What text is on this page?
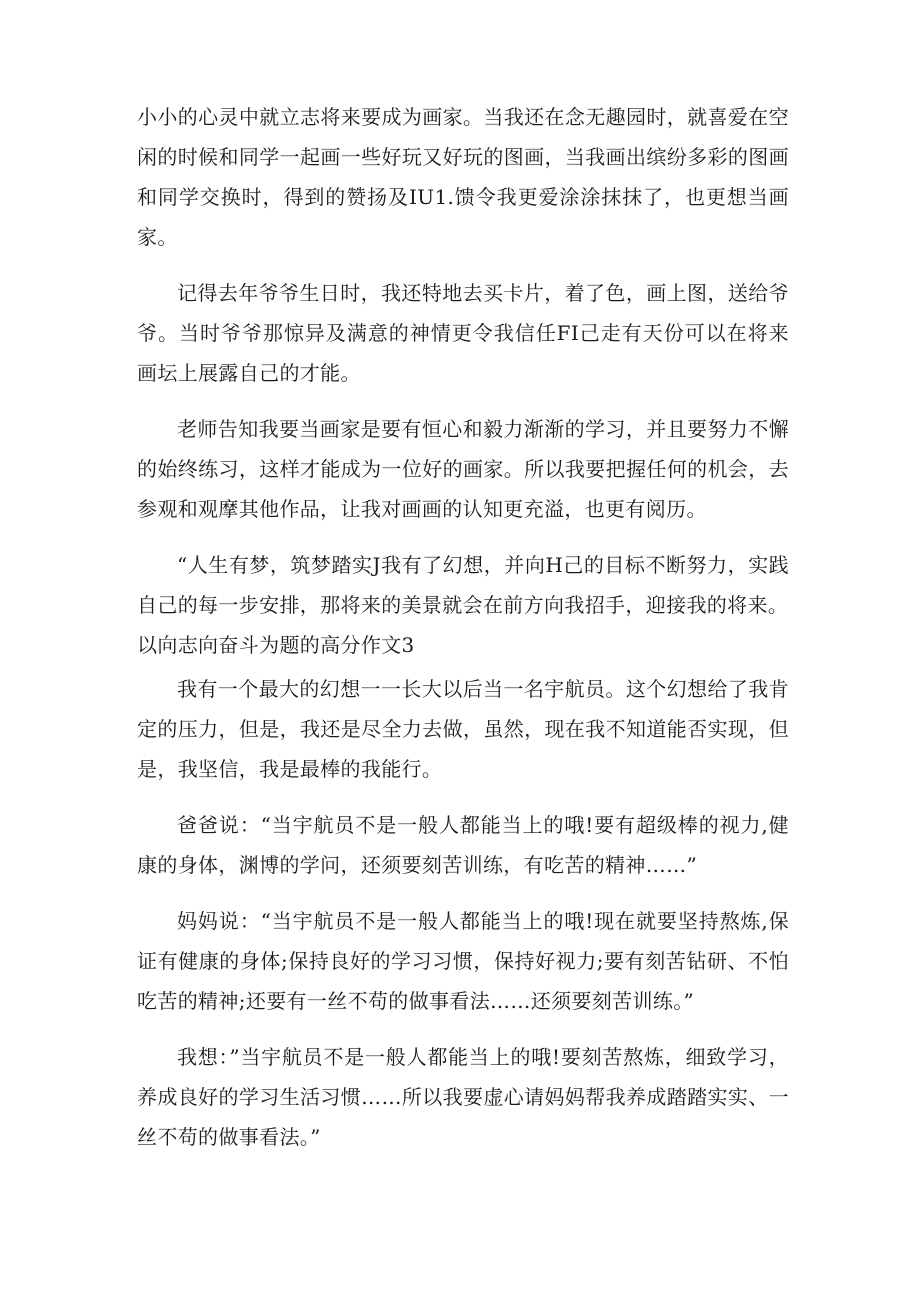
小小的心灵中就立志将来要成为画家。当我还在念无趣园时，就喜爱在空闲的时候和同学一起画一些好玩又好玩的图画，当我画出缤纷多彩的图画和同学交换时，得到的赞扬及IU1.馈令我更爱涂涂抹抹了，也更想当画家。

记得去年爷爷生日时，我还特地去买卡片，着了色，画上图，送给爷爷。当时爷爷那惊异及满意的神情更令我信任FI己走有天份可以在将来画坛上展露自己的才能。

老师告知我要当画家是要有恒心和毅力渐渐的学习，并且要努力不懈的始终练习，这样才能成为一位好的画家。所以我要把握任何的机会，去参观和观摩其他作品，让我对画画的认知更充溢，也更有阅历。

“人生有梦，筑梦踏实J我有了幻想，并向H己的目标不断努力，实践自己的每一步安排，那将来的美景就会在前方向我招手，迎接我的将来。

以向志向奋斗为题的高分作文3

我有一个最大的幻想一一长大以后当一名宇航员。这个幻想给了我肯定的压力，但是，我还是尽全力去做，虽然，现在我不知道能否实现，但是，我坚信，我是最棒的我能行。

爸爸说：“当宇航员不是一般人都能当上的哦!要有超级棒的视力,健康的身体，渊博的学问，还须要刻苦训练，有吃苦的精神……”

妈妈说：“当宇航员不是一般人都能当上的哦!现在就要坚持熬炼,保证有健康的身体;保持良好的学习习惯，保持好视力;要有刻苦钻研、不怕吃苦的精神;还要有一丝不苟的做事看法……还须要刻苦训练。”

我想：”当宇航员不是一般人都能当上的哦!要刻苦熬炼，细致学习，养成良好的学习生活习惯……所以我要虚心请妈妈帮我养成踏踏实实、一丝不苟的做事看法。”
